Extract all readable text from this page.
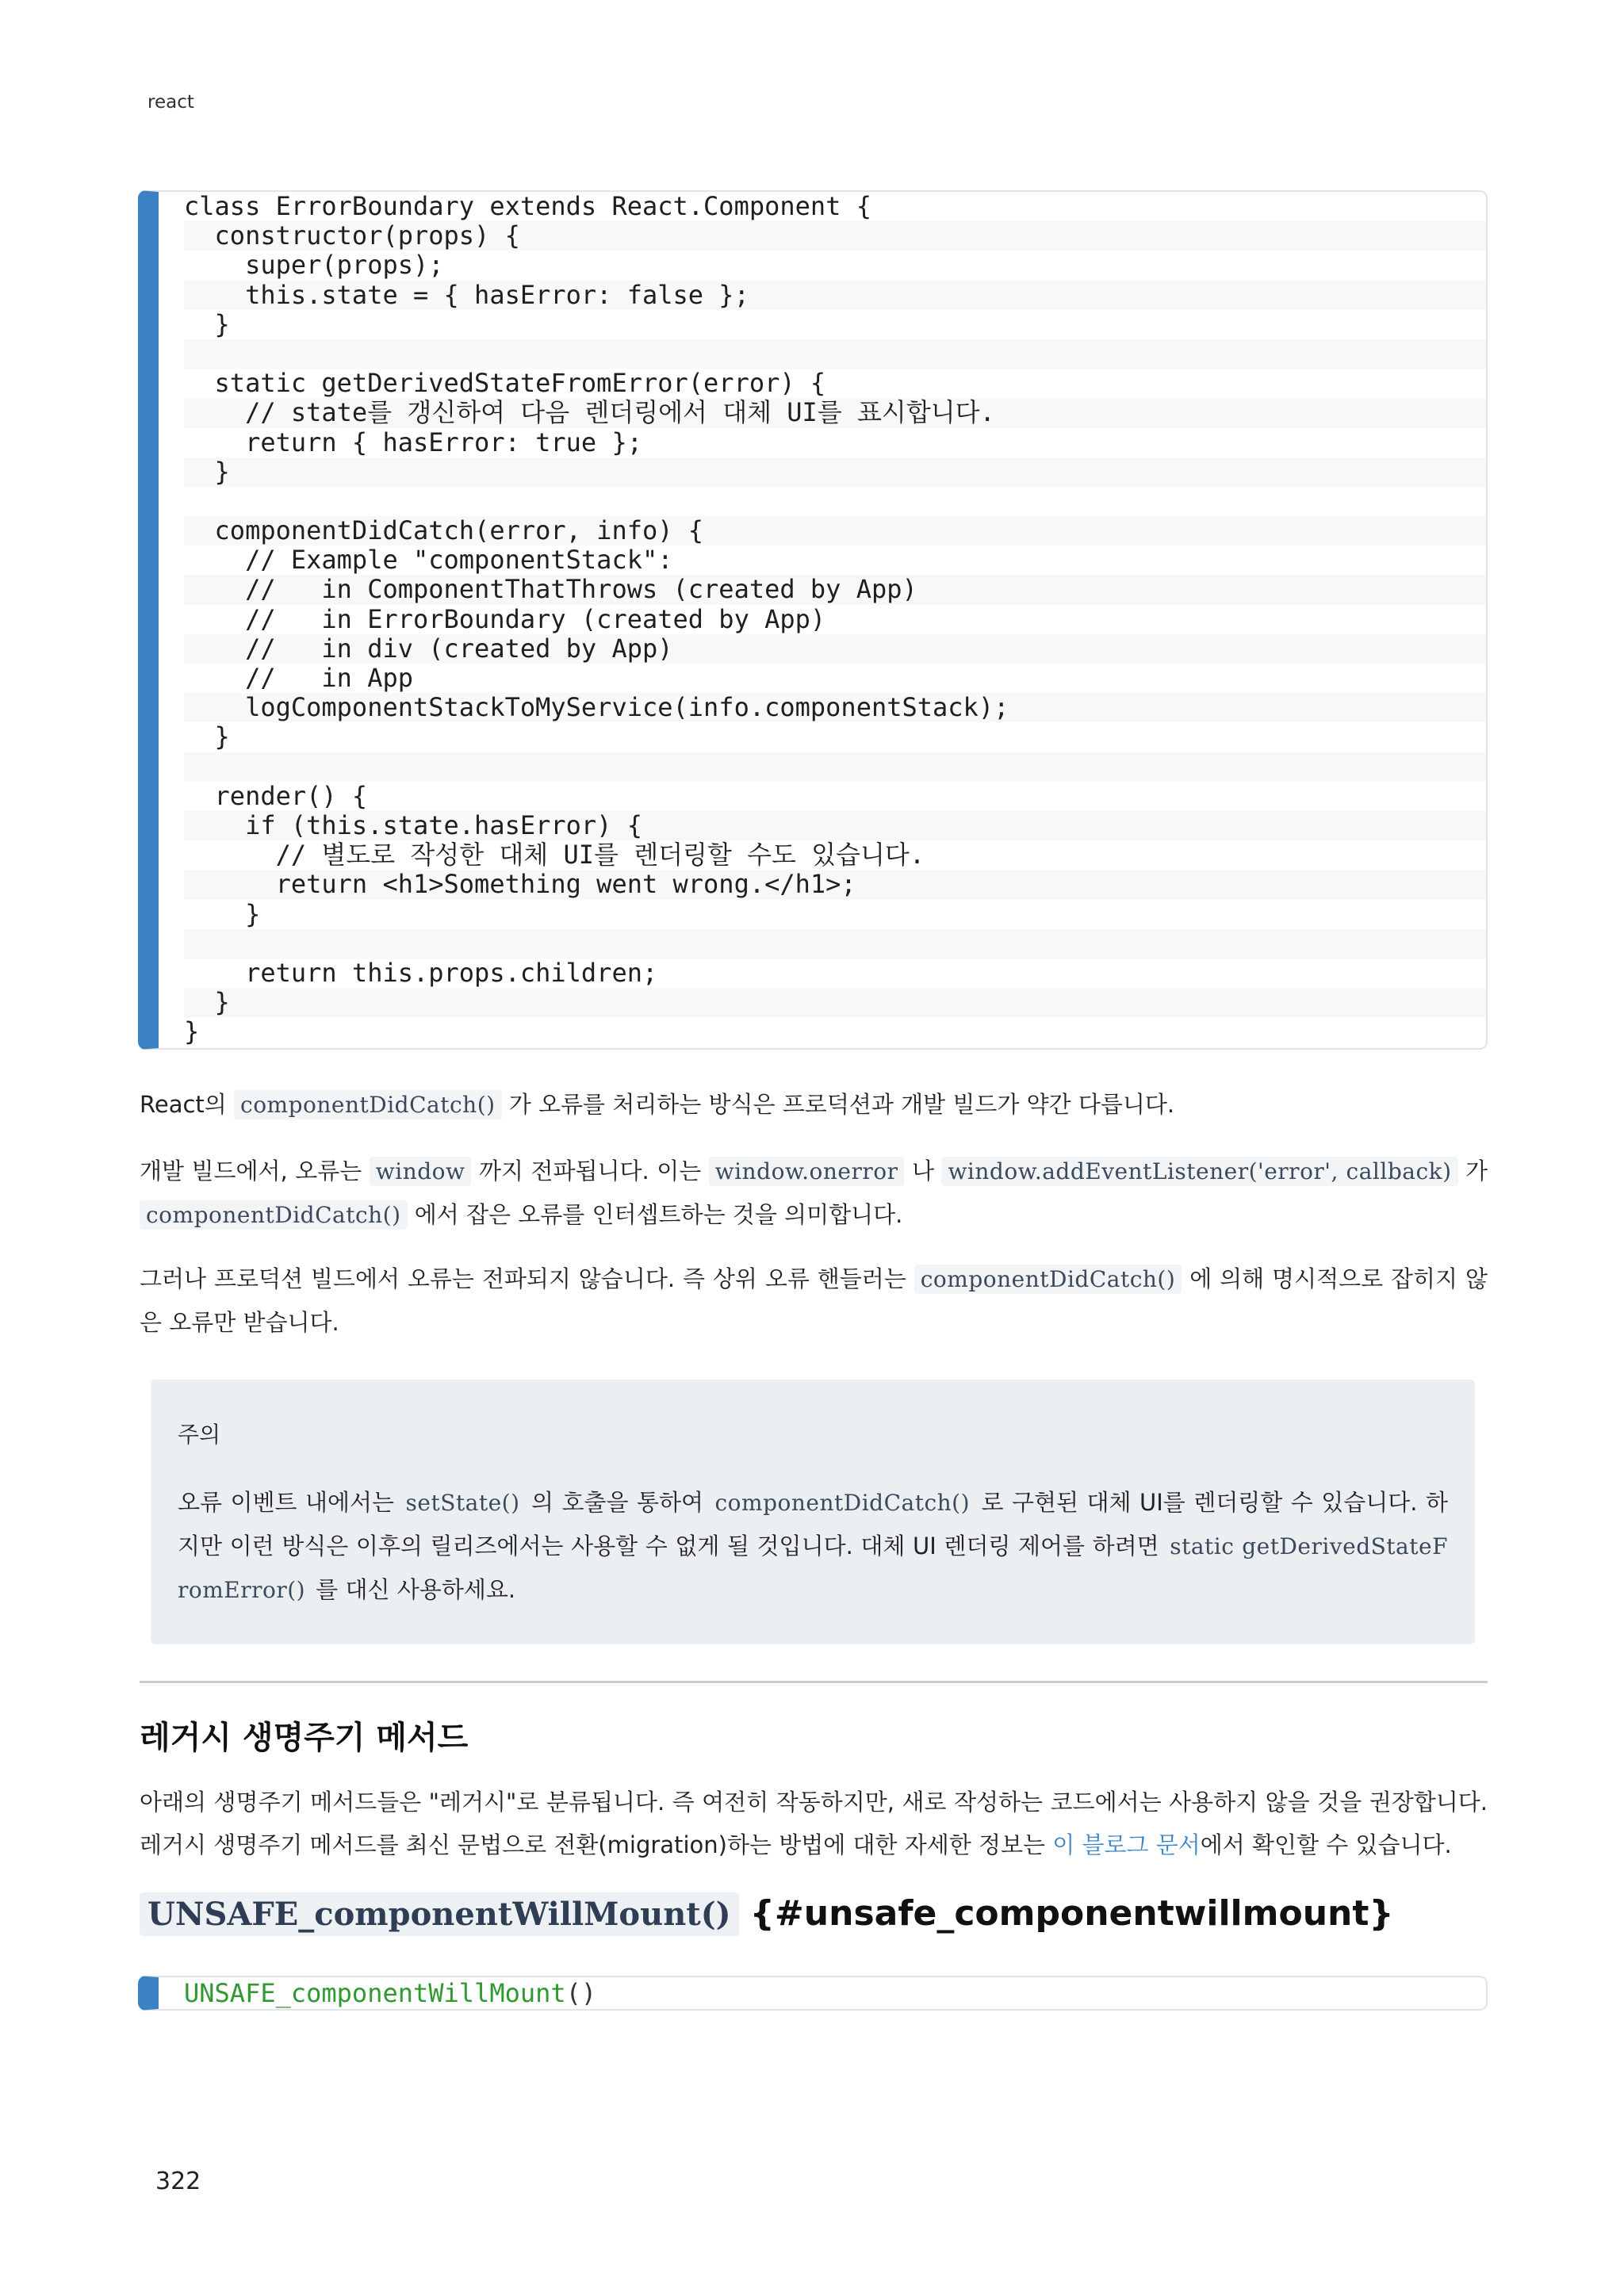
react
class ErrorBoundary extends React.Component {
constructor(props) {
super(props);
this.state = { hasError: false };
}
static getDerivedStateFromError(error) {
// state를 갱신하여 다음 렌더링에서 대체 UI를 표시합니다.
return { hasError: true };
}
componentDidCatch(error, info) {
// Example "componentStack":
//   in ComponentThatThrows (created by App)
//   in ErrorBoundary (created by App)
//   in div (created by App)
//   in App
logComponentStackToMyService(info.componentStack);
}
render() {
if (this.state.hasError) {
// 별도로 작성한 대체 UI를 렌더링할 수도 있습니다.
return <h1>Something went wrong.</h1>;
}
return this.props.children;
}
}
React의 componentDidCatch() 가 오류를 처리하는 방식은 프로덕션과 개발 빌드가 약간 다릅니다.
개발 빌드에서, 오류는 window 까지 전파됩니다. 이는 window.onerror 나 window.addEventListener('error', callback) 가 componentDidCatch() 에서 잡은 오류를 인터셉트하는 것을 의미합니다.
그러나 프로덕션 빌드에서 오류는 전파되지 않습니다. 즉 상위 오류 핸들러는 componentDidCatch() 에 의해 명시적으로 잡히지 않은 오류만 받습니다.
주의
오류 이벤트 내에서는 setState() 의 호출을 통하여 componentDidCatch() 로 구현된 대체 UI를 렌더링할 수 있습니다. 하지만 이런 방식은 이후의 릴리즈에서는 사용할 수 없게 될 것입니다. 대체 UI 렌더링 제어를 하려면 static getDerivedStateFromError() 를 대신 사용하세요.
레거시 생명주기 메서드
아래의 생명주기 메서드들은 "레거시"로 분류됩니다. 즉 여전히 작동하지만, 새로 작성하는 코드에서는 사용하지 않을 것을 권장합니다. 레거시 생명주기 메서드를 최신 문법으로 전환(migration)하는 방법에 대한 자세한 정보는 이 블로그 문서에서 확인할 수 있습니다.
UNSAFE_componentWillMount() {#unsafe_componentwillmount}
UNSAFE_componentWillMount()
322
